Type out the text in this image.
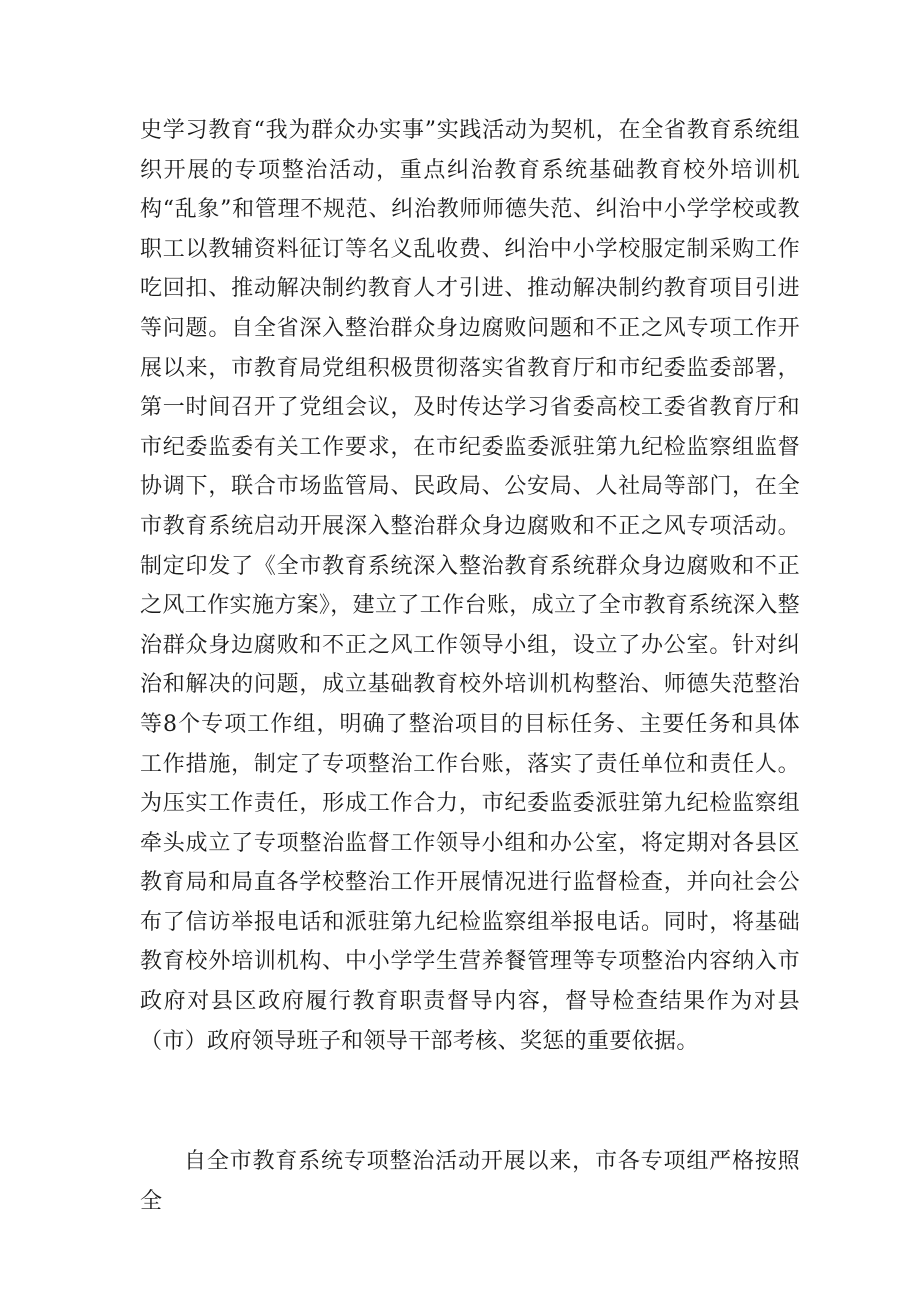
史学习教育“我为群众办实事”实践活动为契机，在全省教育系统组织开展的专项整治活动，重点纠治教育系统基础教育校外培训机构“乱象”和管理不规范、纠治教师师德失范、纠治中小学学校或教职工以教辅资料征订等名义乱收费、纠治中小学校服定制采购工作吃回扣、推动解决制约教育人才引进、推动解决制约教育项目引进等问题。自全省深入整治群众身边腐败问题和不正之风专项工作开展以来，市教育局党组积极贯彻落实省教育厅和市纪委监委部署，第一时间召开了党组会议，及时传达学习省委高校工委省教育厅和市纪委监委有关工作要求，在市纪委监委派驻第九纪检监察组监督协调下，联合市场监管局、民政局、公安局、人社局等部门，在全市教育系统启动开展深入整治群众身边腐败和不正之风专项活动。制定印发了《全市教育系统深入整治教育系统群众身边腐败和不正之风工作实施方案》，建立了工作台账，成立了全市教育系统深入整治群众身边腐败和不正之风工作领导小组，设立了办公室。针对纠治和解决的问题，成立基础教育校外培训机构整治、师德失范整治等8个专项工作组，明确了整治项目的目标任务、主要任务和具体工作措施，制定了专项整治工作台账，落实了责任单位和责任人。为压实工作责任，形成工作合力，市纪委监委派驻第九纪检监察组牵头成立了专项整治监督工作领导小组和办公室，将定期对各县区教育局和局直各学校整治工作开展情况进行监督检查，并向社会公布了信访举报电话和派驻第九纪检监察组举报电话。同时，将基础教育校外培训机构、中小学学生营养餐管理等专项整治内容纳入市政府对县区政府履行教育职责督导内容，督导检查结果作为对县（市）政府领导班子和领导干部考核、奖惩的重要依据。

自全市教育系统专项整治活动开展以来，市各专项组严格按照全
